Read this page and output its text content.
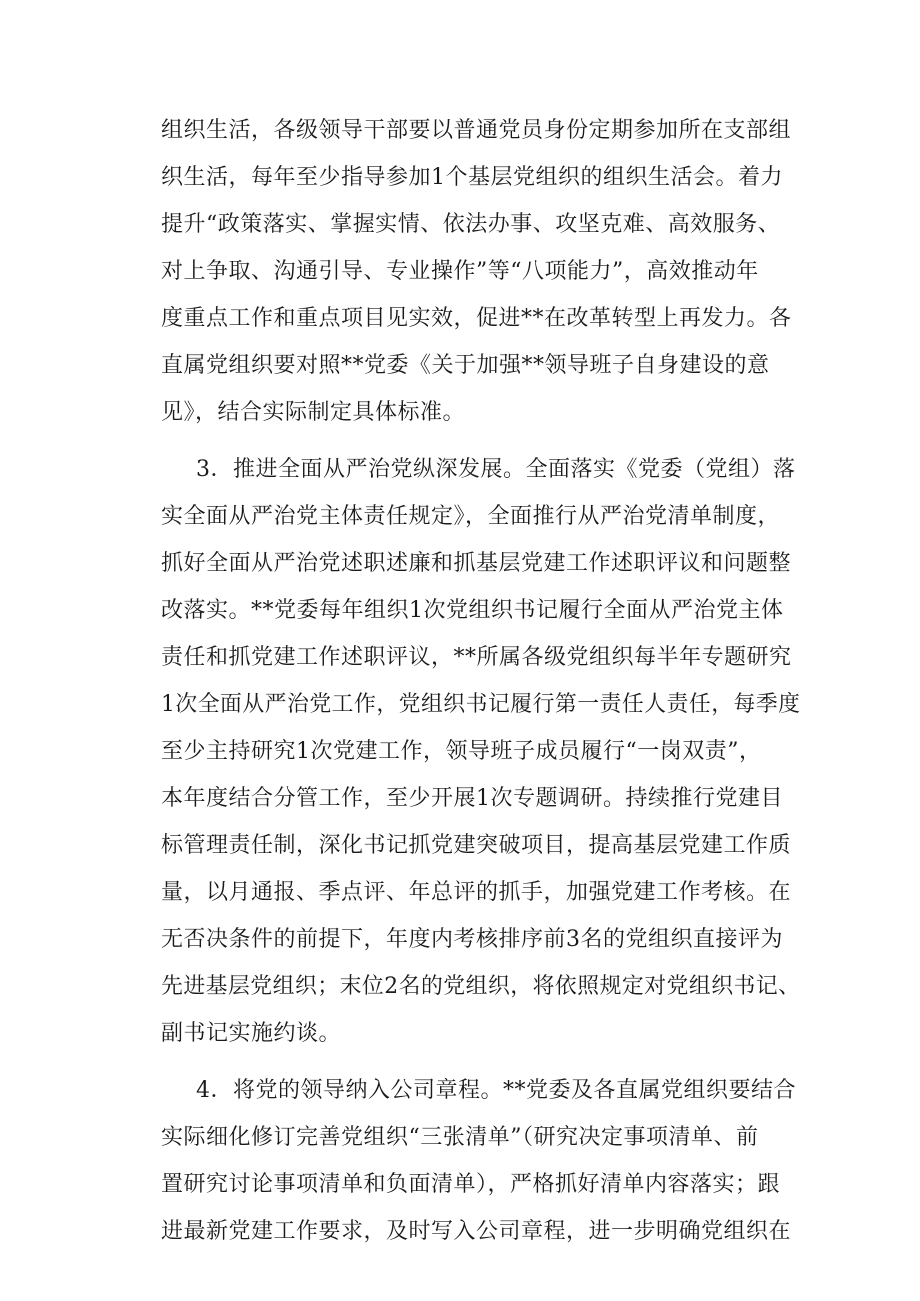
组织生活，各级领导干部要以普通党员身份定期参加所在支部组
织生活，每年至少指导参加1个基层党组织的组织生活会。着力
提升“政策落实、掌握实情、依法办事、攻坚克难、高效服务、
对上争取、沟通引导、专业操作”等“八项能力”，高效推动年
度重点工作和重点项目见实效，促进**在改革转型上再发力。各
直属党组织要对照**党委《关于加强**领导班子自身建设的意
见》，结合实际制定具体标准。
3．推进全面从严治党纵深发展。全面落实《党委（党组）落
实全面从严治党主体责任规定》，全面推行从严治党清单制度，
抓好全面从严治党述职述廉和抓基层党建工作述职评议和问题整
改落实。**党委每年组织1次党组织书记履行全面从严治党主体
责任和抓党建工作述职评议，**所属各级党组织每半年专题研究
1次全面从严治党工作，党组织书记履行第一责任人责任，每季度
至少主持研究1次党建工作，领导班子成员履行“一岗双责”，
本年度结合分管工作，至少开展1次专题调研。持续推行党建目
标管理责任制，深化书记抓党建突破项目，提高基层党建工作质
量，以月通报、季点评、年总评的抓手，加强党建工作考核。在
无否决条件的前提下，年度内考核排序前3名的党组织直接评为
先进基层党组织；末位2名的党组织，将依照规定对党组织书记、
副书记实施约谈。
4．将党的领导纳入公司章程。**党委及各直属党组织要结合
实际细化修订完善党组织“三张清单”（研究决定事项清单、前
置研究讨论事项清单和负面清单），严格抓好清单内容落实；跟
进最新党建工作要求，及时写入公司章程，进一步明确党组织在
